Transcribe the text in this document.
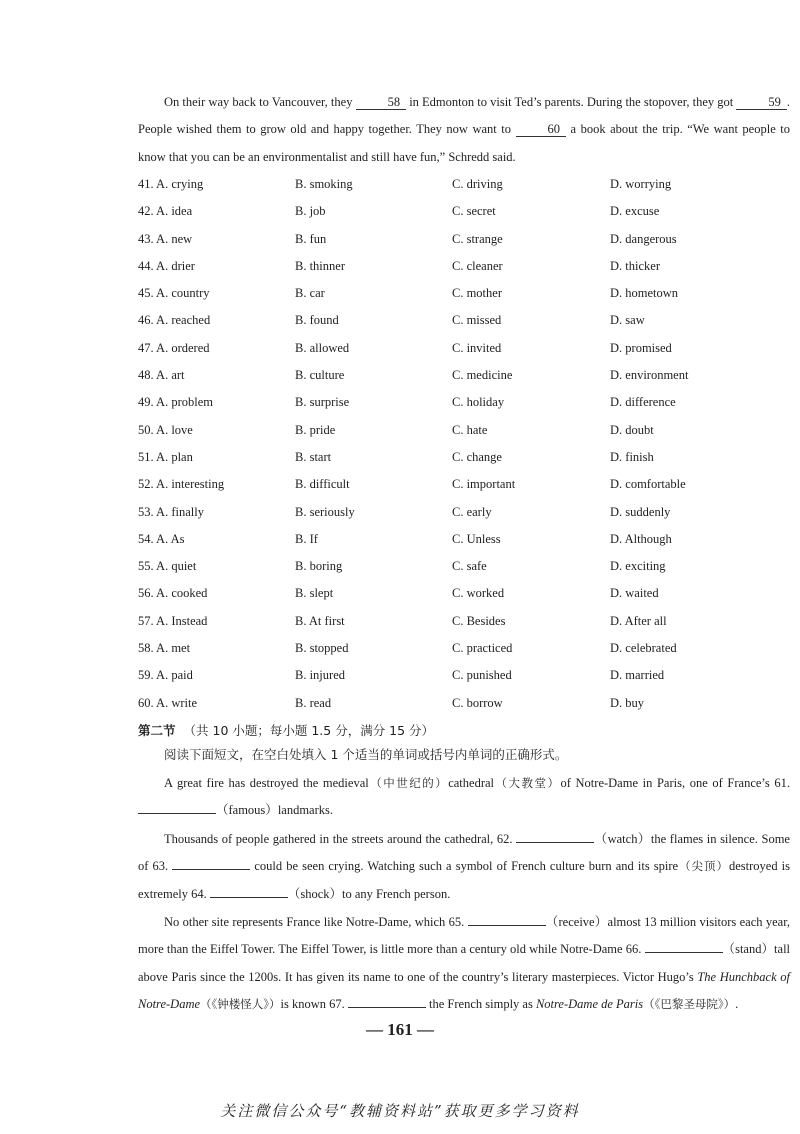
On their way back to Vancouver, they	58 in Edmonton to visit Ted’s parents. During the stopover, they got	59 . People wished them to grow old and happy together. They now want to	60 a book about the trip. “We want people to know that you can be an environmentalist and still have fun,” Schredd said.
41. A. crying	B. smoking	C. driving	D. worrying
42. A. idea	B. job	C. secret	D. excuse
43. A. new	B. fun	C. strange	D. dangerous
44. A. drier	B. thinner	C. cleaner	D. thicker
45. A. country	B. car	C. mother	D. hometown
46. A. reached	B. found	C. missed	D. saw
47. A. ordered	B. allowed	C. invited	D. promised
48. A. art	B. culture	C. medicine	D. environment
49. A. problem	B. surprise	C. holiday	D. difference
50. A. love	B. pride	C. hate	D. doubt
51. A. plan	B. start	C. change	D. finish
52. A. interesting	B. difficult	C. important	D. comfortable
53. A. finally	B. seriously	C. early	D. suddenly
54. A. As	B. If	C. Unless	D. Although
55. A. quiet	B. boring	C. safe	D. exciting
56. A. cooked	B. slept	C. worked	D. waited
57. A. Instead	B. At first	C. Besides	D. After all
58. A. met	B. stopped	C. practiced	D. celebrated
59. A. paid	B. injured	C. punished	D. married
60. A. write	B. read	C. borrow	D. buy
第二节 （共 10 小题；每小题 1.5 分，满分 15 分）
阅读下面短文，在空白处填入 1 个适当的单词或括号内单词的正确形式。
A great fire has destroyed the medieval（中世纪的）cathedral（大教堂）of Notre-Dame in Paris, one of France’s 61. （famous）landmarks.
Thousands of people gathered in the streets around the cathedral, 62.	（watch）the flames in silence. Some of 63.	could be seen crying. Watching such a symbol of French culture burn and its spire（尖顶）destroyed is extremely 64.	（shock）to any French person.
No other site represents France like Notre-Dame, which 65.	（receive）almost 13 million visitors each year, more than the Eiffel Tower. The Eiffel Tower, is little more than a century old while Notre-Dame 66.	（stand）tall above Paris since the 1200s. It has given its name to one of the country’s literary masterpieces. Victor Hugo’s The Hunchback of Notre-Dame（《钟楼怪人》）is known 67.	the French simply as Notre-Dame de Paris（《巴黎圣母院》）.
— 161 —
关注微信公众号“教辅资料站”获取更多学习资料
